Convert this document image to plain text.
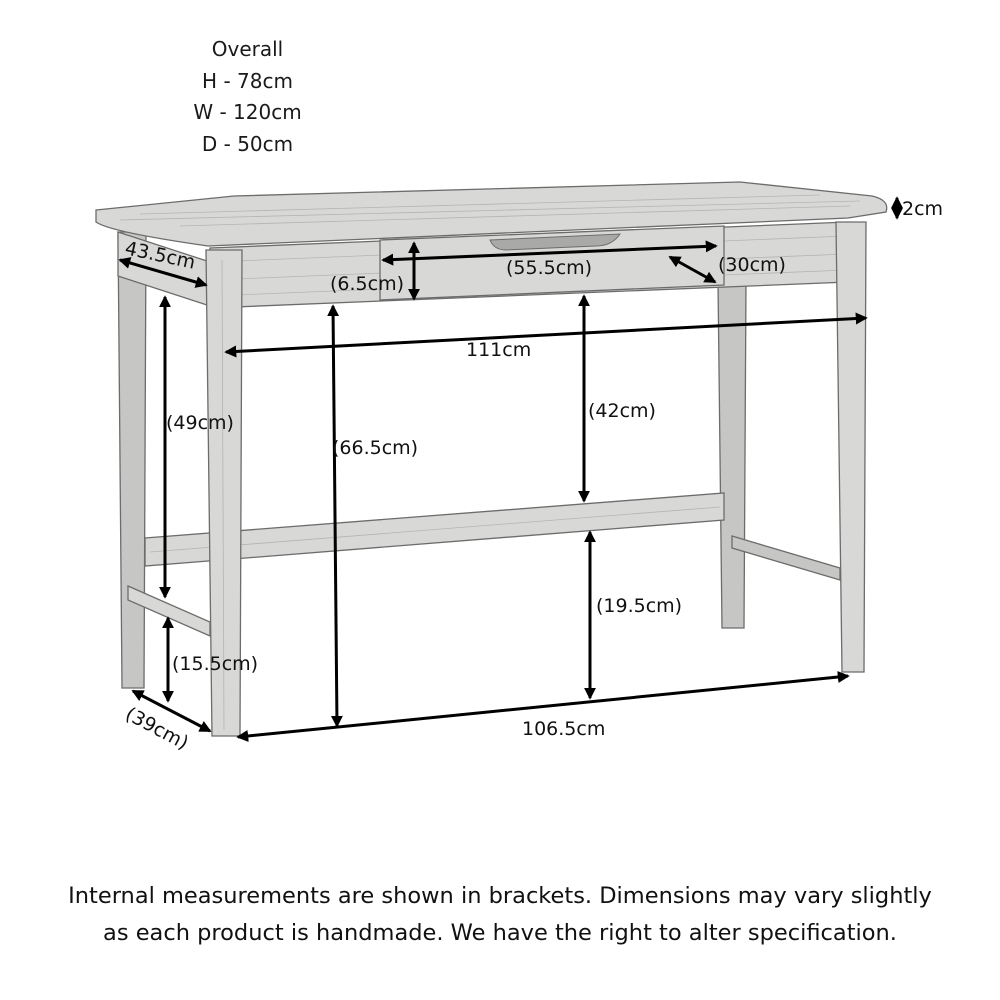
Overall
H - 78cm
W - 120cm
D - 50cm
2cm
43.5cm
(6.5cm)
(55.5cm)	(30cm)
111cm
(49cm)
(66.5cm)
(42cm)
(19.5cm)
(15.5cm)
(39cm)	106.5cm
Internal measurements are shown in brackets. Dimensions may vary slightly
as each product is handmade. We have the right to alter specification.
